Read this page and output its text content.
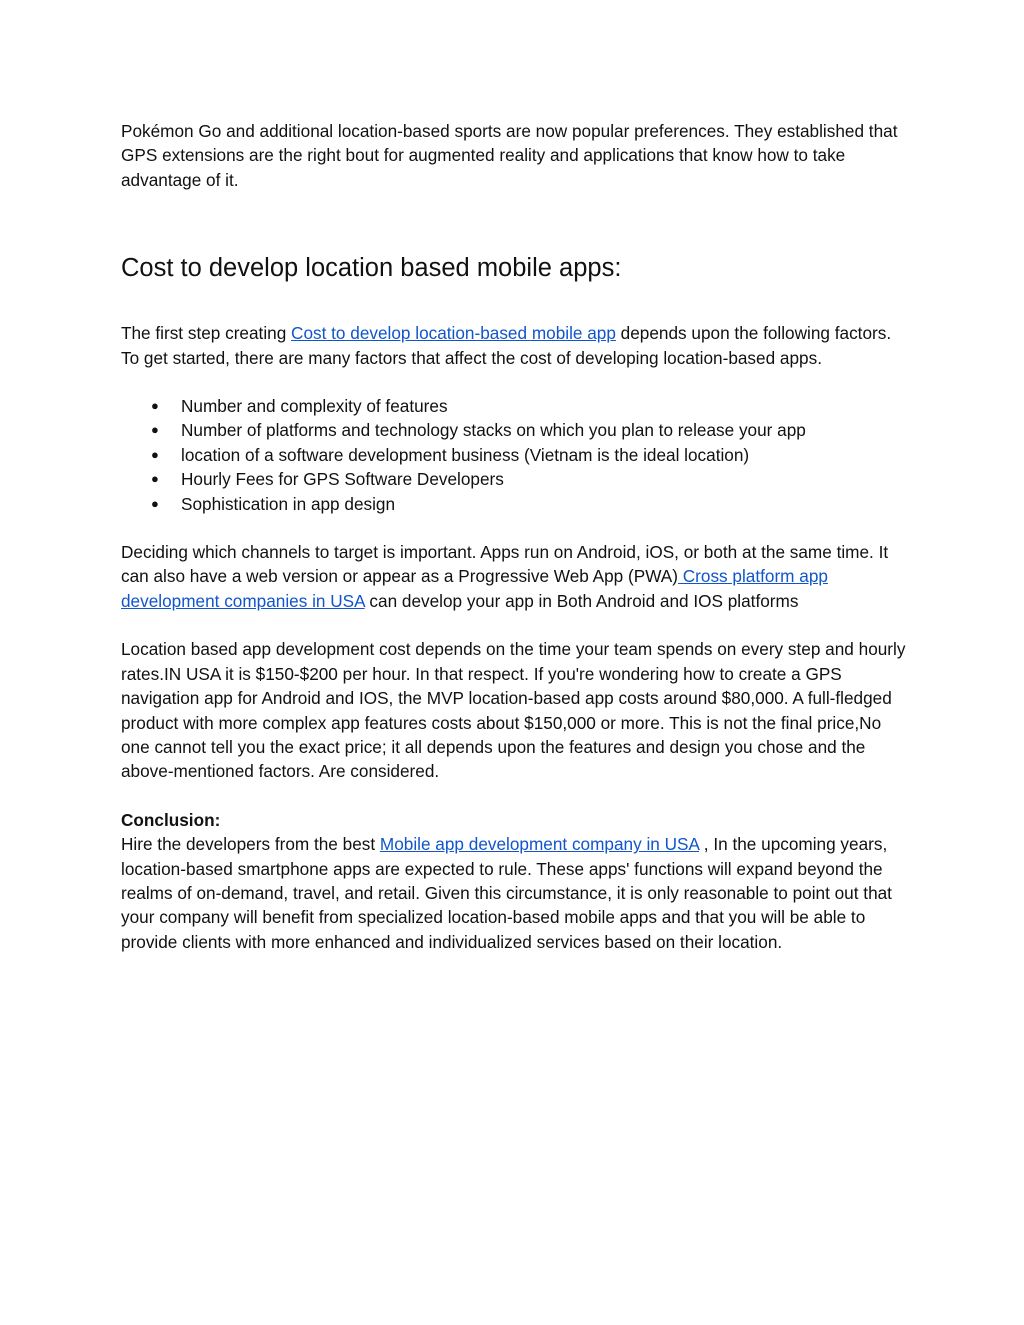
Pokémon Go and additional location-based sports are now popular preferences. They established that GPS extensions are the right bout for augmented reality and applications that know how to take advantage of it.

Cost to develop location based mobile apps:

The first step creating Cost to develop location-based mobile app depends upon the following factors. To get started, there are many factors that affect the cost of developing location-based apps.

● Number and complexity of features
● Number of platforms and technology stacks on which you plan to release your app
● location of a software development business (Vietnam is the ideal location)
● Hourly Fees for GPS Software Developers
● Sophistication in app design

Deciding which channels to target is important. Apps run on Android, iOS, or both at the same time. It can also have a web version or appear as a Progressive Web App (PWA) Cross platform app development companies in USA can develop your app in Both Android and IOS platforms

Location based app development cost depends on the time your team spends on every step and hourly rates.IN USA it is $150-$200 per hour. In that respect. If you're wondering how to create a GPS navigation app for Android and IOS, the MVP location-based app costs around $80,000. A full-fledged product with more complex app features costs about $150,000 or more. This is not the final price,No one cannot tell you the exact price; it all depends upon the features and design you chose and the above-mentioned factors. Are considered.

Conclusion:

Hire the developers from the best Mobile app development company in USA , In the upcoming years, location-based smartphone apps are expected to rule. These apps' functions will expand beyond the realms of on-demand, travel, and retail. Given this circumstance, it is only reasonable to point out that your company will benefit from specialized location-based mobile apps and that you will be able to provide clients with more enhanced and individualized services based on their location.
